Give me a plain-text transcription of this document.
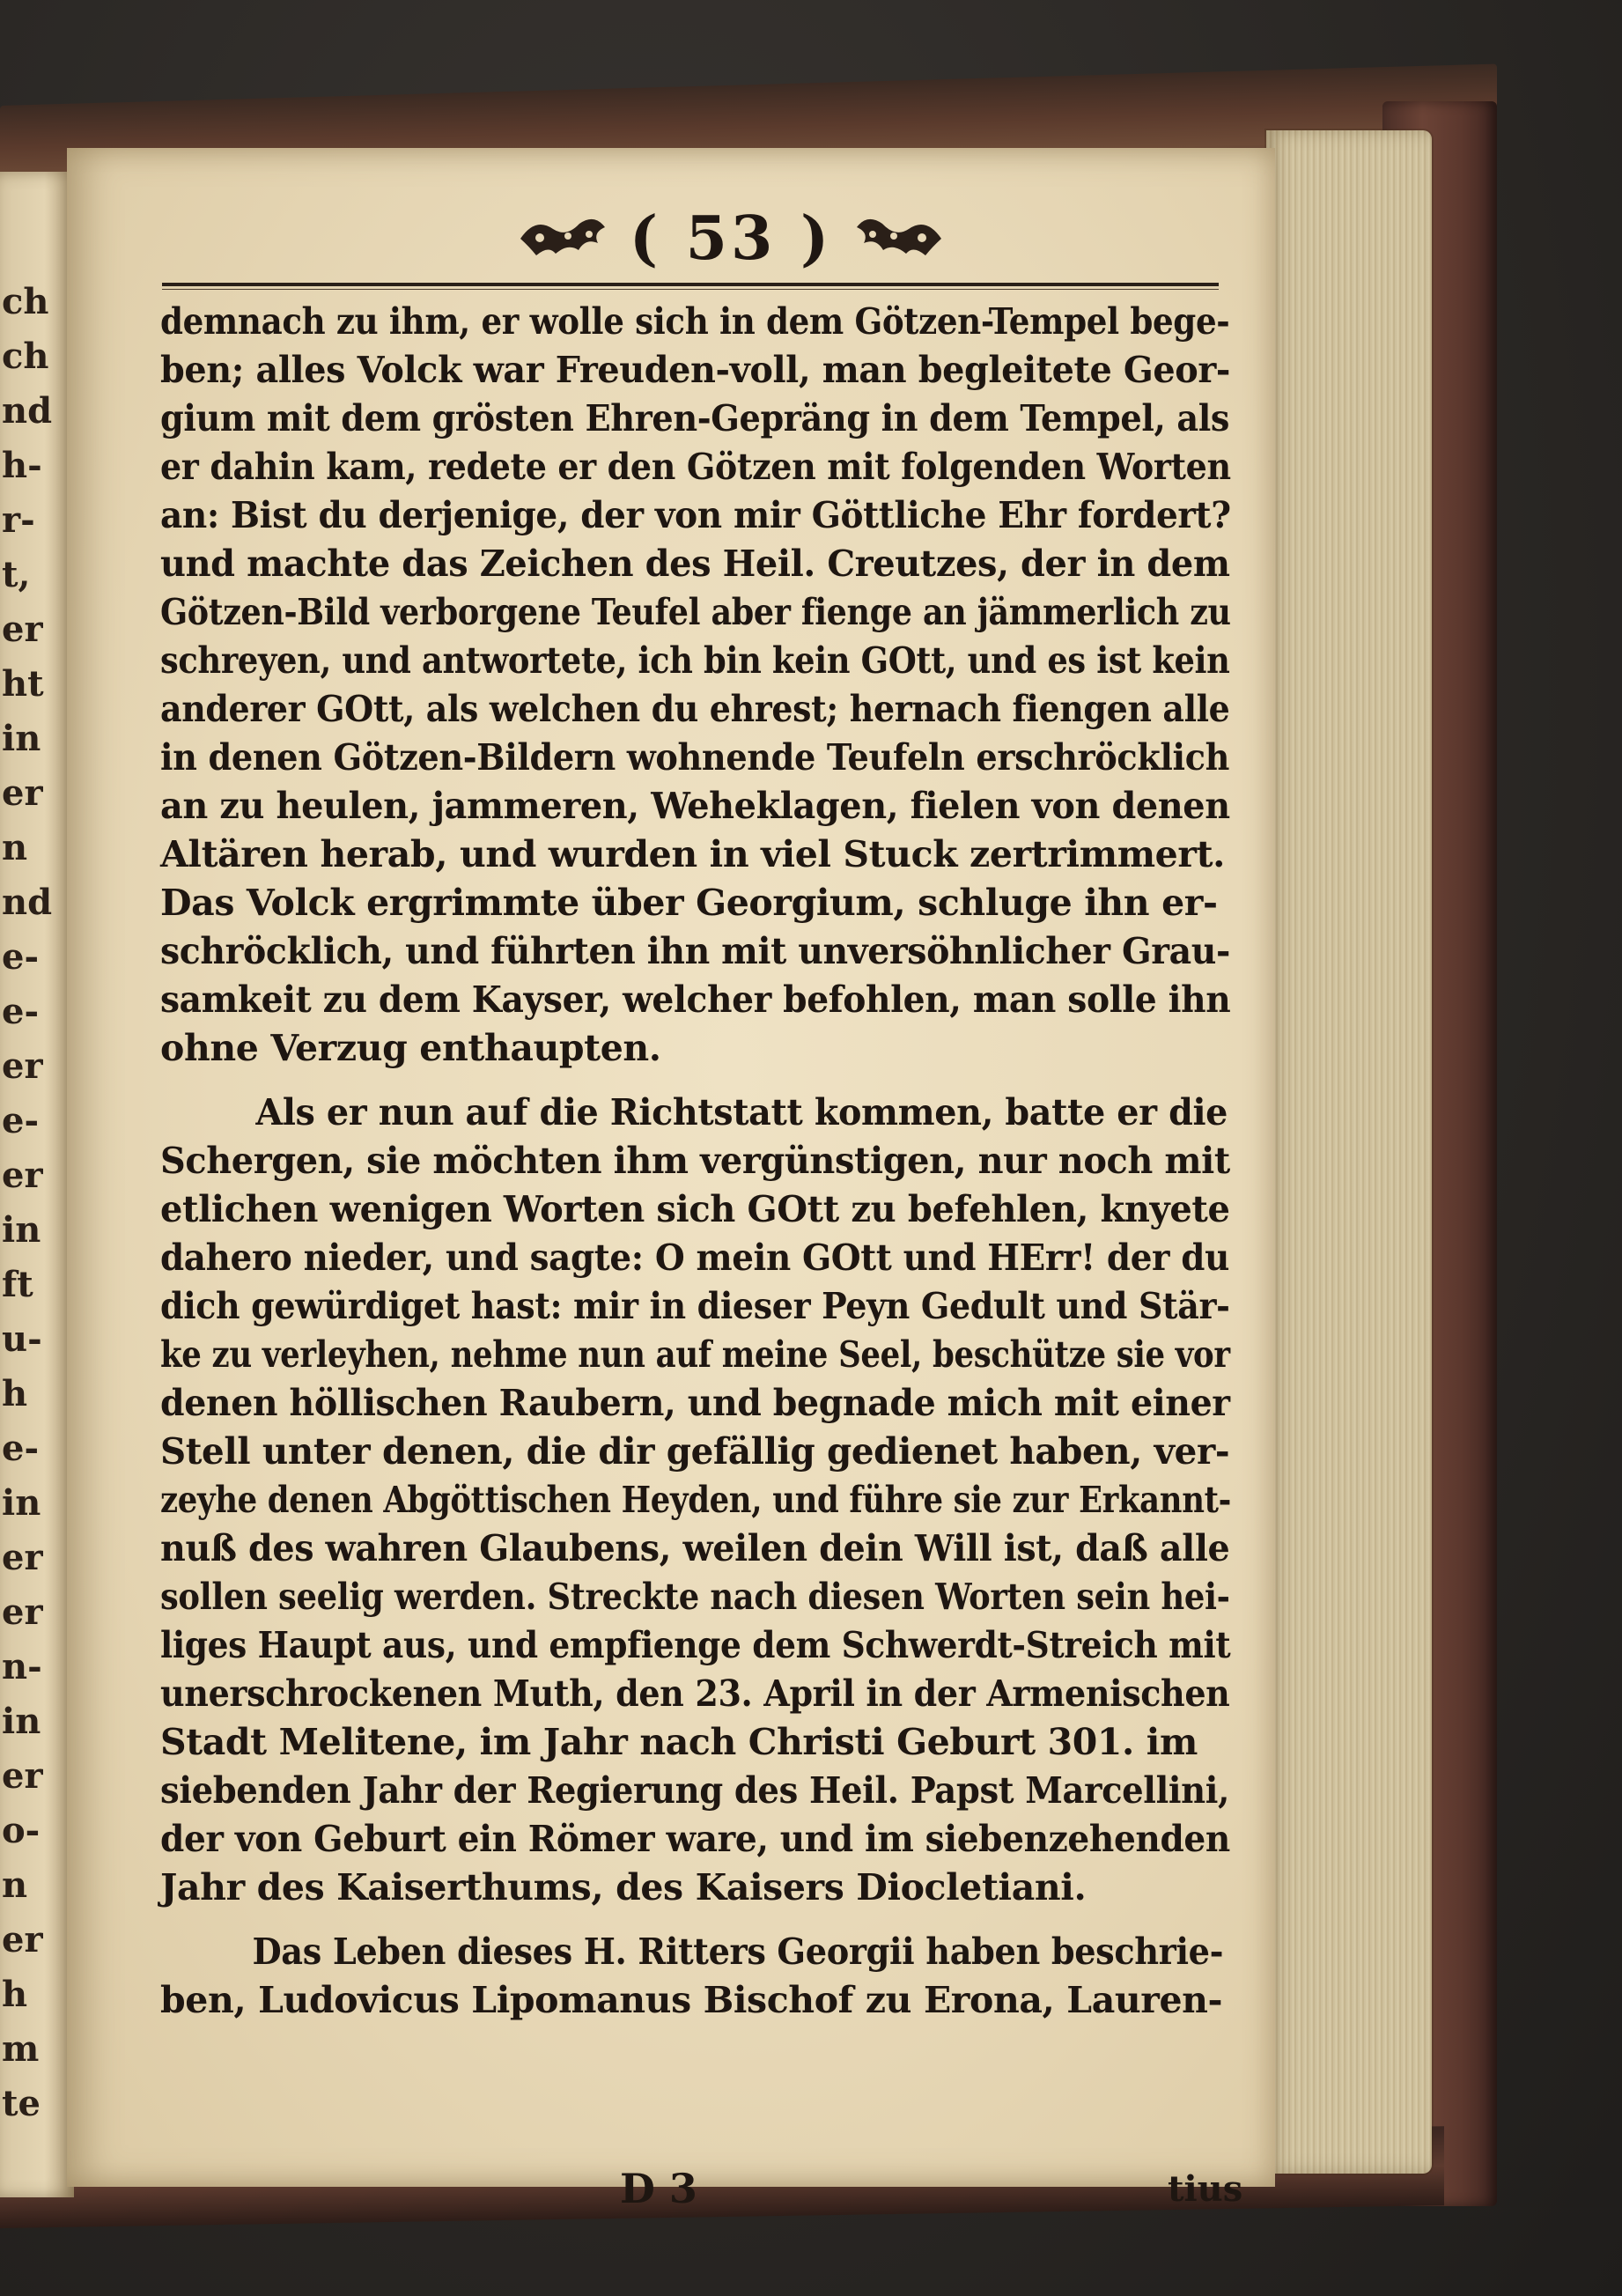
ch
ch
nd
h-
r-
t,
er
ht
in
er
n
nd
e-
e-
er
e-
er
in
ft
u-
h
e-
in
er
er
n-
in
er
o-
n
er
h
m
te
( 53 )
demnach zu ihm, er wolle sich in dem Götzen-Tempel bege-
ben; alles Volck war Freuden-voll, man begleitete Geor-
gium mit dem grösten Ehren-Gepräng in dem Tempel, als
er dahin kam, redete er den Götzen mit folgenden Worten
an: Bist du derjenige, der von mir Göttliche Ehr fordert?
und machte das Zeichen des Heil. Creutzes, der in dem
Götzen-Bild verborgene Teufel aber fienge an jämmerlich zu
schreyen, und antwortete, ich bin kein GOtt, und es ist kein
anderer GOtt, als welchen du ehrest; hernach fiengen alle
in denen Götzen-Bildern wohnende Teufeln erschröcklich
an zu heulen, jammeren, Weheklagen, fielen von denen
Altären herab, und wurden in viel Stuck zertrimmert.
Das Volck ergrimmte über Georgium, schluge ihn er-
schröcklich, und führten ihn mit unversöhnlicher Grau-
samkeit zu dem Kayser, welcher befohlen, man solle ihn
ohne Verzug enthaupten.
Als er nun auf die Richtstatt kommen, batte er die
Schergen, sie möchten ihm vergünstigen, nur noch mit
etlichen wenigen Worten sich GOtt zu befehlen, knyete
dahero nieder, und sagte: O mein GOtt und HErr! der du
dich gewürdiget hast: mir in dieser Peyn Gedult und Stär-
ke zu verleyhen, nehme nun auf meine Seel, beschütze sie vor
denen höllischen Raubern, und begnade mich mit einer
Stell unter denen, die dir gefällig gedienet haben, ver-
zeyhe denen Abgöttischen Heyden, und führe sie zur Erkannt-
nuß des wahren Glaubens, weilen dein Will ist, daß alle
sollen seelig werden. Streckte nach diesen Worten sein hei-
liges Haupt aus, und empfienge dem Schwerdt-Streich mit
unerschrockenen Muth, den 23. April in der Armenischen
Stadt Melitene, im Jahr nach Christi Geburt 301. im
siebenden Jahr der Regierung des Heil. Papst Marcellini,
der von Geburt ein Römer ware, und im siebenzehenden
Jahr des Kaiserthums, des Kaisers Diocletiani.
Das Leben dieses H. Ritters Georgii haben beschrie-
ben, Ludovicus Lipomanus Bischof zu Erona, Lauren-
D 3	tius
